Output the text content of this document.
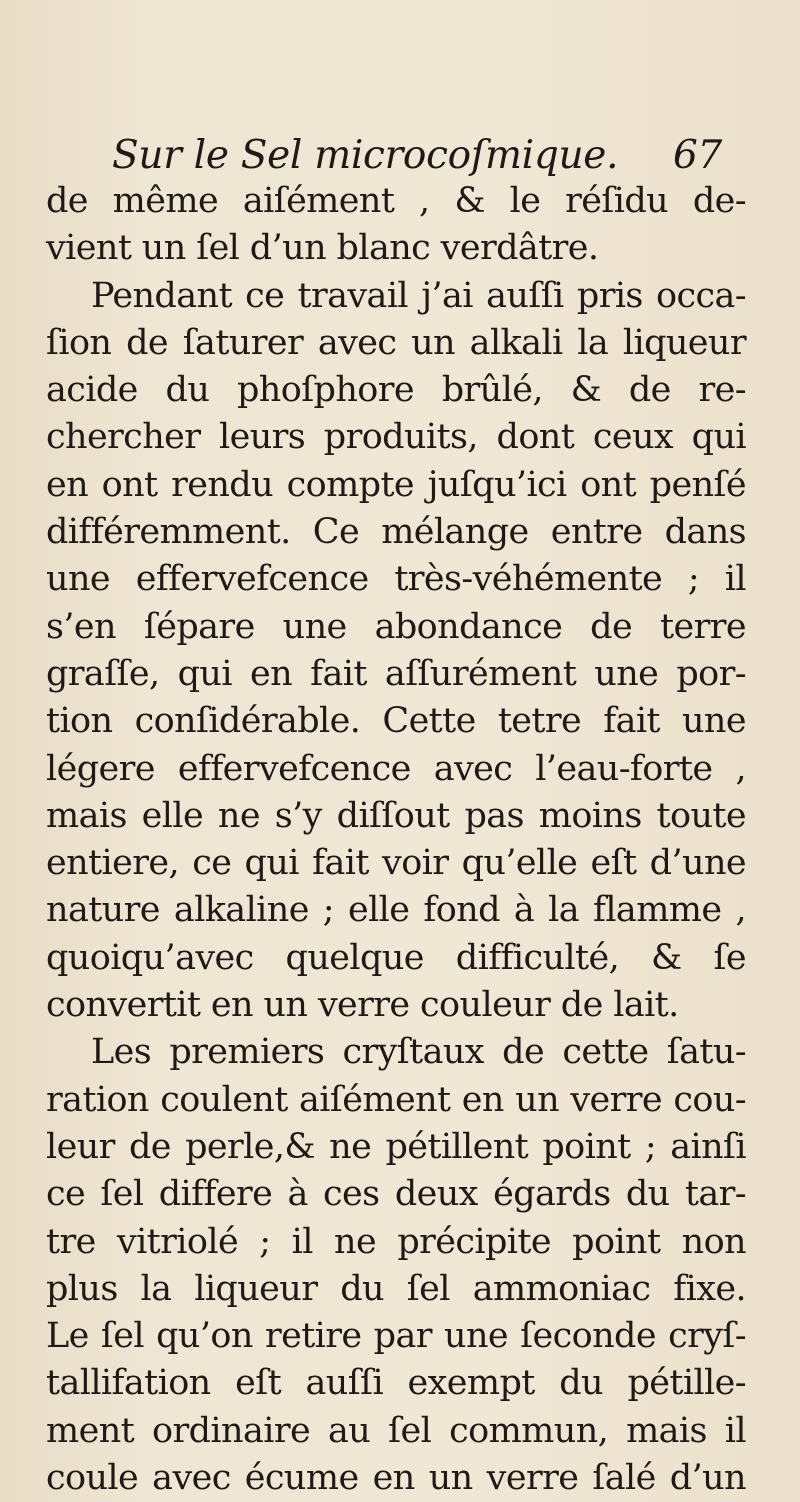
Sur le Sel microcoſmique. 67
de même aiſément , & le réſidu de-
vient un ſel d’un blanc verdâtre.
Pendant ce travail j’ai auſſi pris occa-
ſion de ſaturer avec un alkali la liqueur
acide du phoſphore brûlé, & de re-
chercher leurs produits, dont ceux qui
en ont rendu compte juſqu’ici ont penſé
différemment. Ce mélange entre dans
une effervefcence très-véhémente ; il
s’en ſépare une abondance de terre
graſſe, qui en fait aſſurément une por-
tion conſidérable. Cette tetre fait une
légere effervefcence avec l’eau-forte ,
mais elle ne s’y diſſout pas moins toute
entiere, ce qui fait voir qu’elle eſt d’une
nature alkaline ; elle fond à la flamme ,
quoiqu’avec quelque difficulté, & ſe
convertit en un verre couleur de lait.
Les premiers cryſtaux de cette ſatu-
ration coulent aiſément en un verre cou-
leur de perle,& ne pétillent point ; ainſi
ce ſel differe à ces deux égards du tar-
tre vitriolé ; il ne précipite point non
plus la liqueur du ſel ammoniac fixe.
Le ſel qu’on retire par une ſeconde cryſ-
tallifation eſt auſſi exempt du pétille-
ment ordinaire au ſel commun, mais il
coule avec écume en un verre ſalé d’un
